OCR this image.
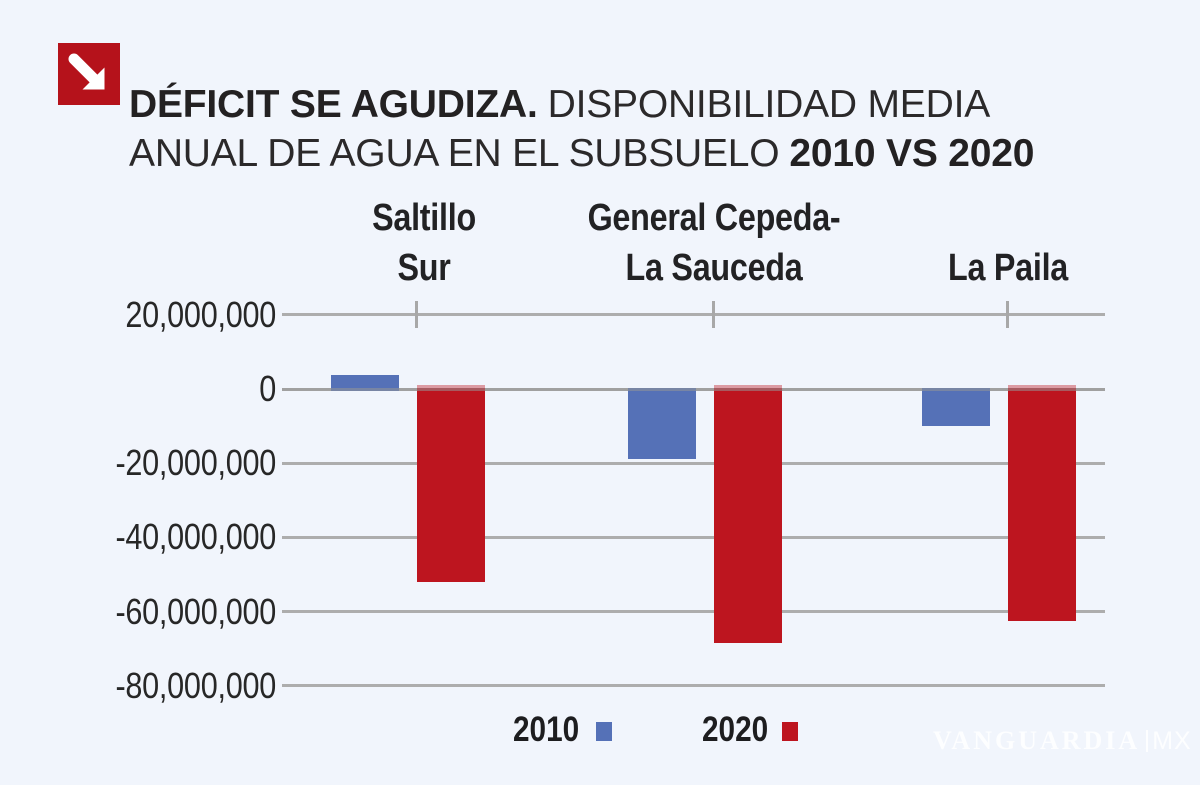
DÉFICIT SE AGUDIZA. DISPONIBILIDAD MEDIA
ANUAL DE AGUA EN EL SUBSUELO 2010 VS 2020
20,000,000
0
-20,000,000
-40,000,000
-60,000,000
-80,000,000
Saltillo
Sur
General Cepeda-
La Sauceda	La Paila
2010	2020	VANGUARDIA MX
